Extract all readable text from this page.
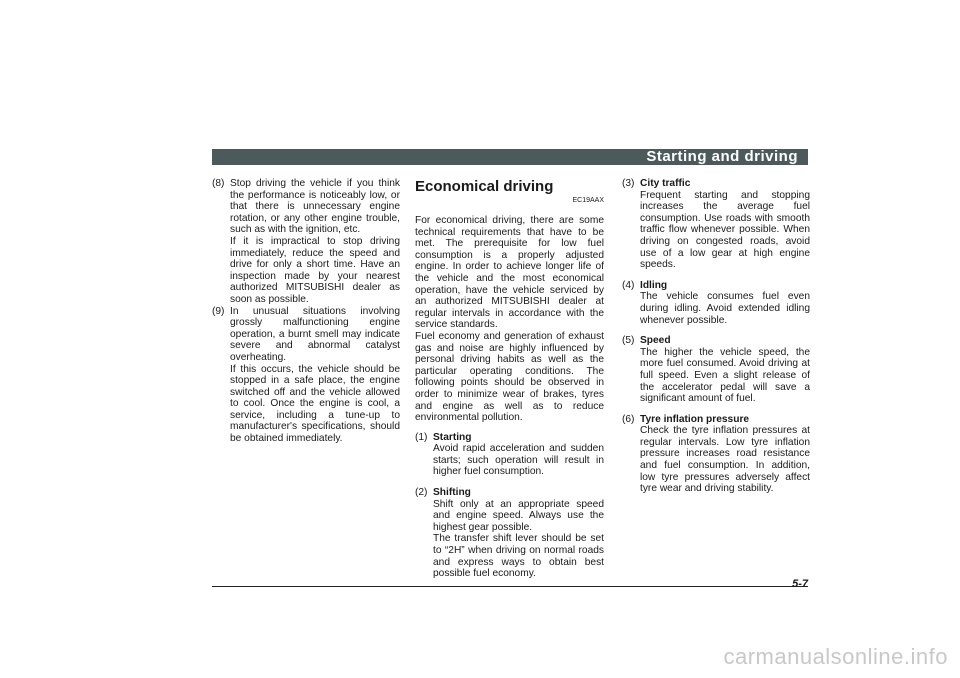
Starting and driving
(8) Stop driving the vehicle if you think the performance is noticeably low, or that there is unnecessary engine rotation, or any other engine trouble, such as with the ignition, etc.

If it is impractical to stop driving immediately, reduce the speed and drive for only a short time. Have an inspection made by your nearest authorized MITSUBISHI dealer as soon as possible.

(9) In unusual situations involving grossly malfunctioning engine operation, a burnt smell may indicate severe and abnormal catalyst overheating.

If this occurs, the vehicle should be stopped in a safe place, the engine switched off and the vehicle allowed to cool. Once the engine is cool, a service, including a tune-up to manufacturer's specifications, should be obtained immediately.

Economical driving

EC19AAX

For economical driving, there are some technical requirements that have to be met. The prerequisite for low fuel consumption is a properly adjusted engine. In order to achieve longer life of the vehicle and the most economical operation, have the vehicle serviced by an authorized MITSUBISHI dealer at regular intervals in accordance with the service standards.

Fuel economy and generation of exhaust gas and noise are highly influenced by personal driving habits as well as the particular operating conditions. The following points should be observed in order to minimize wear of brakes, tyres and engine as well as to reduce environmental pollution.

(1) Starting

Avoid rapid acceleration and sudden starts; such operation will result in higher fuel consumption.

(2) Shifting

Shift only at an appropriate speed and engine speed. Always use the highest gear possible.

The transfer shift lever should be set to “2H” when driving on normal roads and express ways to obtain best possible fuel economy.

(3) City traffic

Frequent starting and stopping increases the average fuel consumption. Use roads with smooth traffic flow whenever possible. When driving on congested roads, avoid use of a low gear at high engine speeds.

(4) Idling

The vehicle consumes fuel even during idling. Avoid extended idling whenever possible.

(5) Speed

The higher the vehicle speed, the more fuel consumed. Avoid driving at full speed. Even a slight release of the accelerator pedal will save a significant amount of fuel.

(6) Tyre inflation pressure

Check the tyre inflation pressures at regular intervals. Low tyre inflation pressure increases road resistance and fuel consumption. In addition, low tyre pressures adversely affect tyre wear and driving stability.

5-7
carmanualsonline.info
